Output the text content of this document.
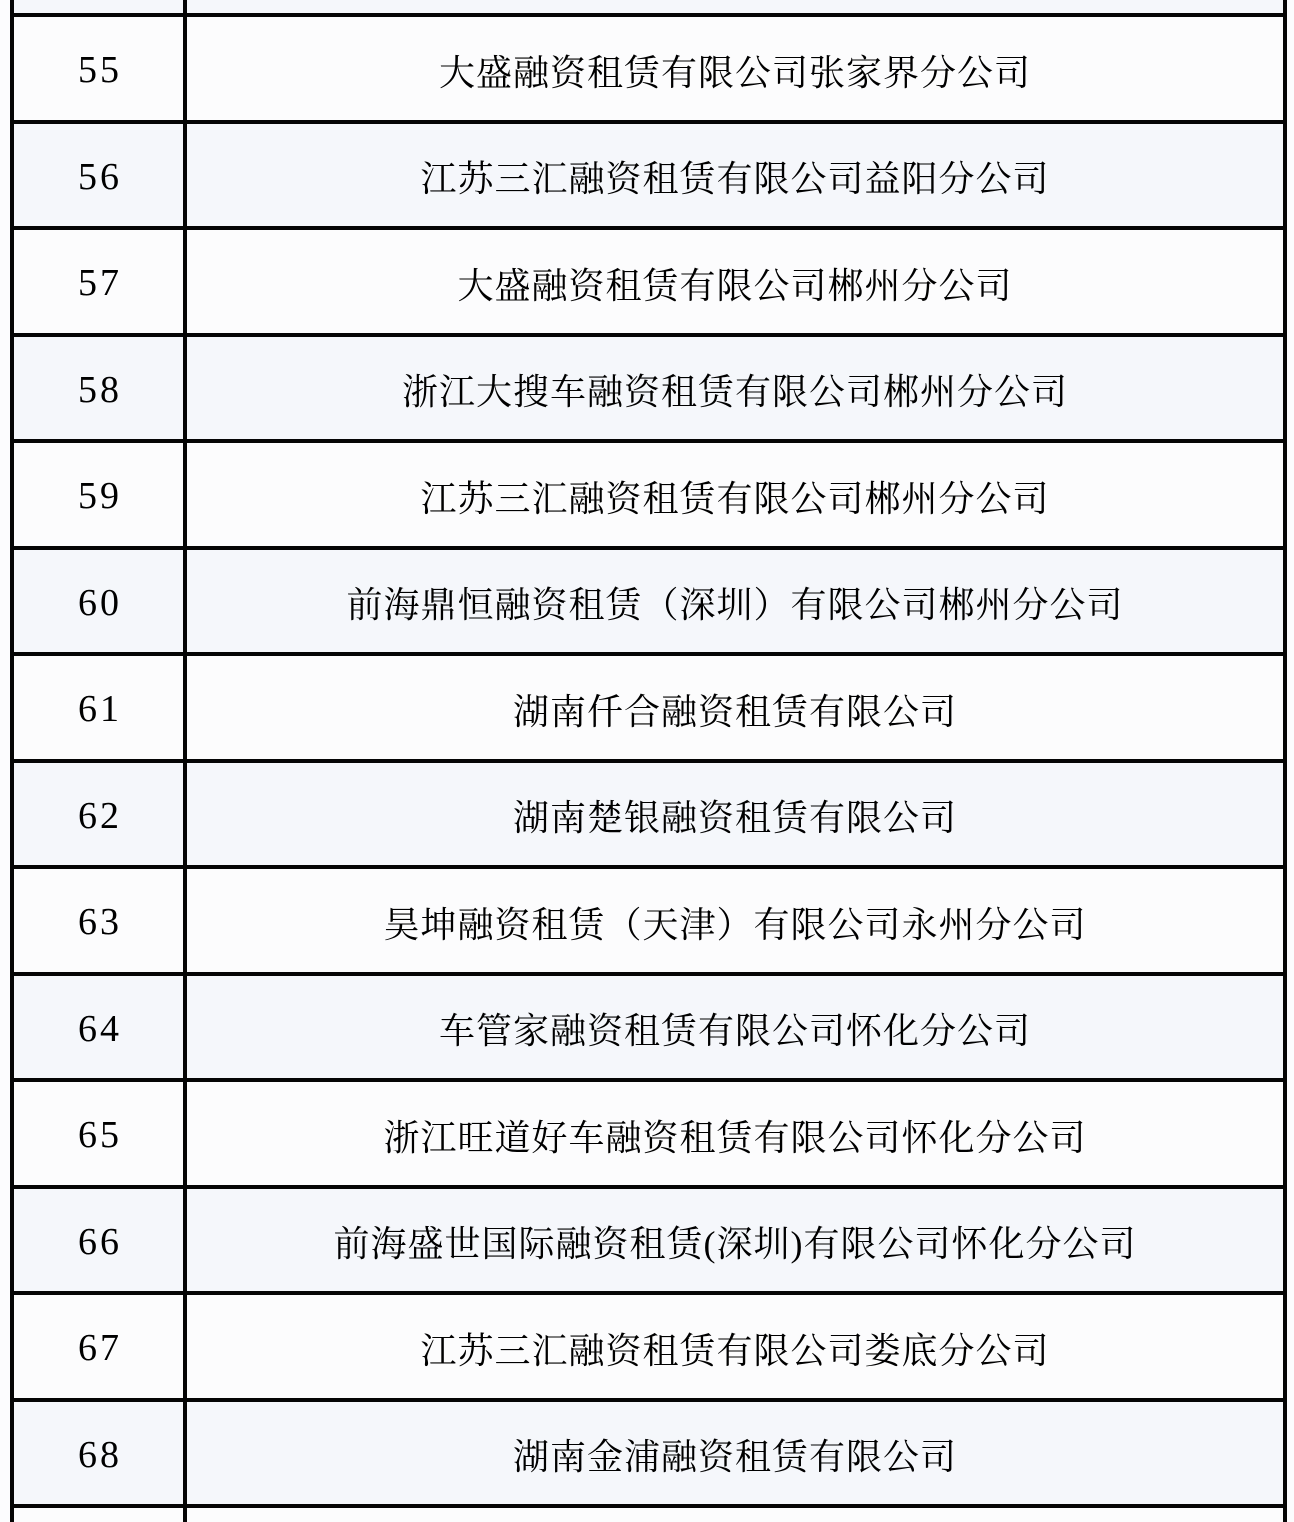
55	大盛融资租赁有限公司张家界分公司
56	江苏三汇融资租赁有限公司益阳分公司
57	大盛融资租赁有限公司郴州分公司
58	浙江大搜车融资租赁有限公司郴州分公司
59	江苏三汇融资租赁有限公司郴州分公司
60	前海鼎恒融资租赁（深圳）有限公司郴州分公司
61	湖南仟合融资租赁有限公司
62	湖南楚银融资租赁有限公司
63	昊坤融资租赁（天津）有限公司永州分公司
64	车管家融资租赁有限公司怀化分公司
65	浙江旺道好车融资租赁有限公司怀化分公司
66	前海盛世国际融资租赁(深圳)有限公司怀化分公司
67	江苏三汇融资租赁有限公司娄底分公司
68	湖南金浦融资租赁有限公司
